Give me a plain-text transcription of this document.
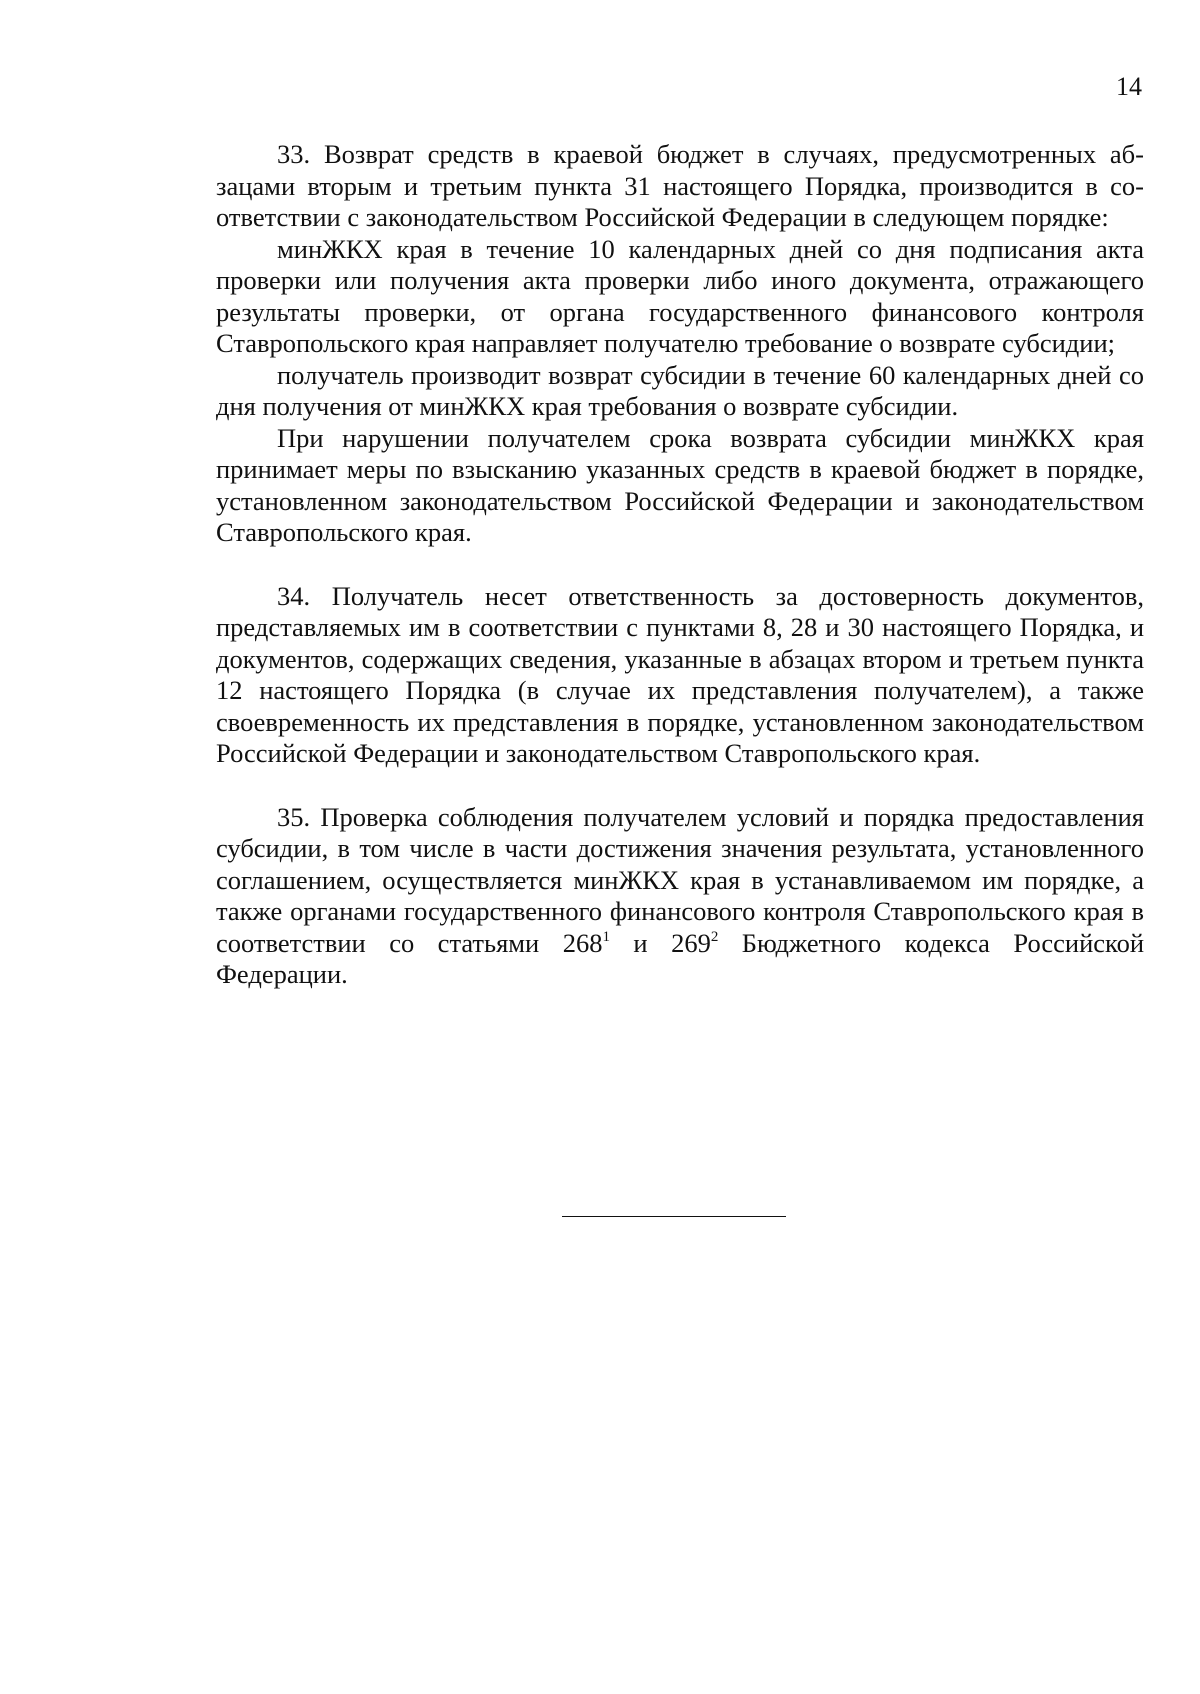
14

33. Возврат средств в краевой бюджет в случаях, предусмотренных абзацами вторым и третьим пункта 31 настоящего Порядка, производится в соответствии с законодательством Российской Федерации в следующем порядке:

минЖКХ края в течение 10 календарных дней со дня подписания акта проверки или получения акта проверки либо иного документа, отражающего результаты проверки, от органа государственного финансового контроля Ставропольского края направляет получателю требование о возврате субсидии;

получатель производит возврат субсидии в течение 60 календарных дней со дня получения от минЖКХ края требования о возврате субсидии.

При нарушении получателем срока возврата субсидии минЖКХ края принимает меры по взысканию указанных средств в краевой бюджет в порядке, установленном законодательством Российской Федерации и законодательством Ставропольского края.

34. Получатель несет ответственность за достоверность документов, представляемых им в соответствии с пунктами 8, 28 и 30 настоящего Порядка, и документов, содержащих сведения, указанные в абзацах втором и третьем пункта 12 настоящего Порядка (в случае их представления получателем), а также своевременность их представления в порядке, установленном законодательством Российской Федерации и законодательством Ставропольского края.

35. Проверка соблюдения получателем условий и порядка предоставления субсидии, в том числе в части достижения значения результата, установленного соглашением, осуществляется минЖКХ края в устанавливаемом им порядке, а также органами государственного финансового контроля Ставропольского края в соответствии со статьями $268^1$ и $269^2$ Бюджетного кодекса Российской Федерации.
